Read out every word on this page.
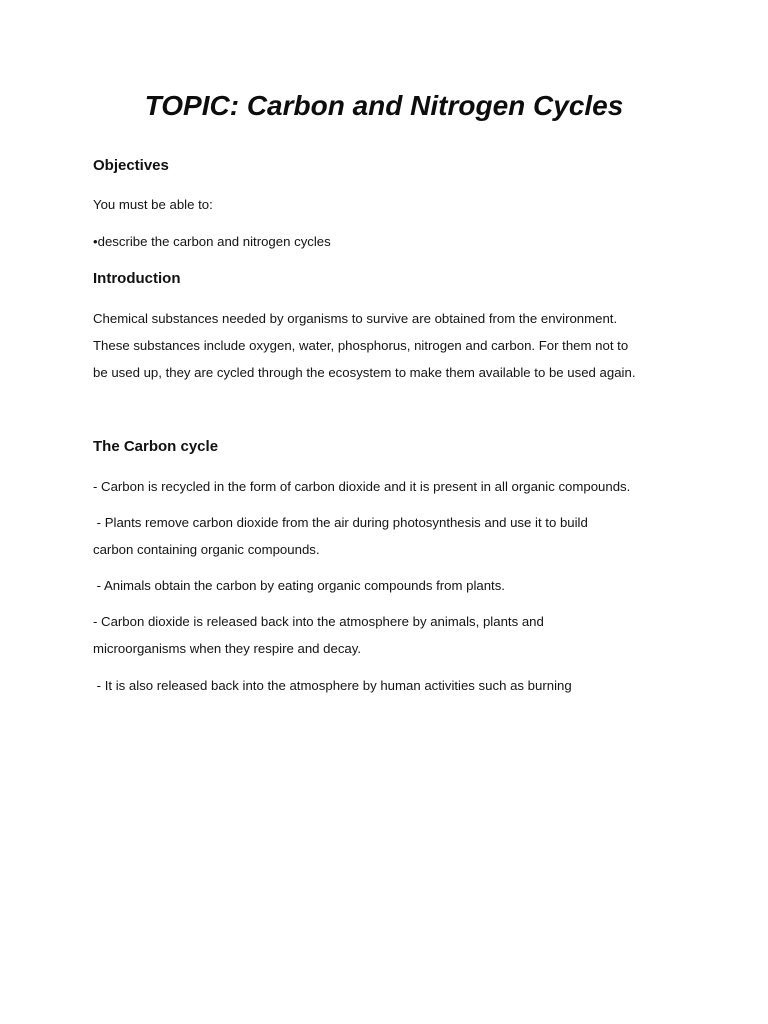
TOPIC: Carbon and Nitrogen Cycles
Objectives

You must be able to:

•describe the carbon and nitrogen cycles

Introduction
Chemical substances needed by organisms to survive are obtained from the environment.
These substances include oxygen, water, phosphorus, nitrogen and carbon. For them not to
be used up, they are cycled through the ecosystem to make them available to be used again.
The Carbon cycle
- Carbon is recycled in the form of carbon dioxide and it is present in all organic compounds.
- Plants remove carbon dioxide from the air during photosynthesis and use it to build
carbon containing organic compounds.
- Animals obtain the carbon by eating organic compounds from plants.
- Carbon dioxide is released back into the atmosphere by animals, plants and
microorganisms when they respire and decay.
- It is also released back into the atmosphere by human activities such as burning
